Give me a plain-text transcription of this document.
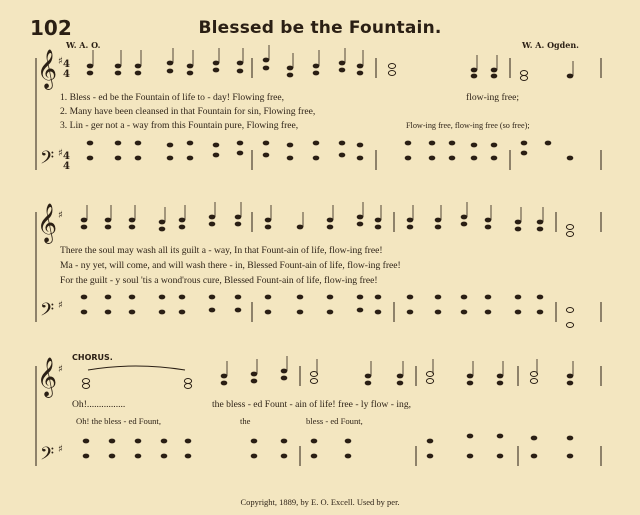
102	Blessed be the Fountain.
W. A. O.	W. A. Ogden.
𝄞
𝄢
♯ 4
4
♯ 4
4
𝄞
𝄢
♯
♯
𝄞
𝄢
♯
♯
1. Bless - ed be the Fountain of life to - day! Flowing free,	flow-ing free;
2. Many have been cleansed in that Fountain for sin, Flowing free,
3. Lin - ger not a - way from this Fountain pure, Flowing free,	Flow-ing free, flow-ing free (so free);
There the soul may wash all its guilt a - way, In that Fount-ain of life, flow-ing free!
Ma - ny yet, will come, and will wash there - in, Blessed Fount-ain of life, flow-ing free!
For the guilt - y soul 'tis a wond'rous cure, Blessed Fount-ain of life, flow-ing free!
CHORUS.
Oh!................	the bless - ed Fount - ain of life! free - ly flow - ing,
Oh! the bless - ed Fount,	the	bless - ed Fount,
Copyright, 1889, by E. O. Excell. Used by per.
